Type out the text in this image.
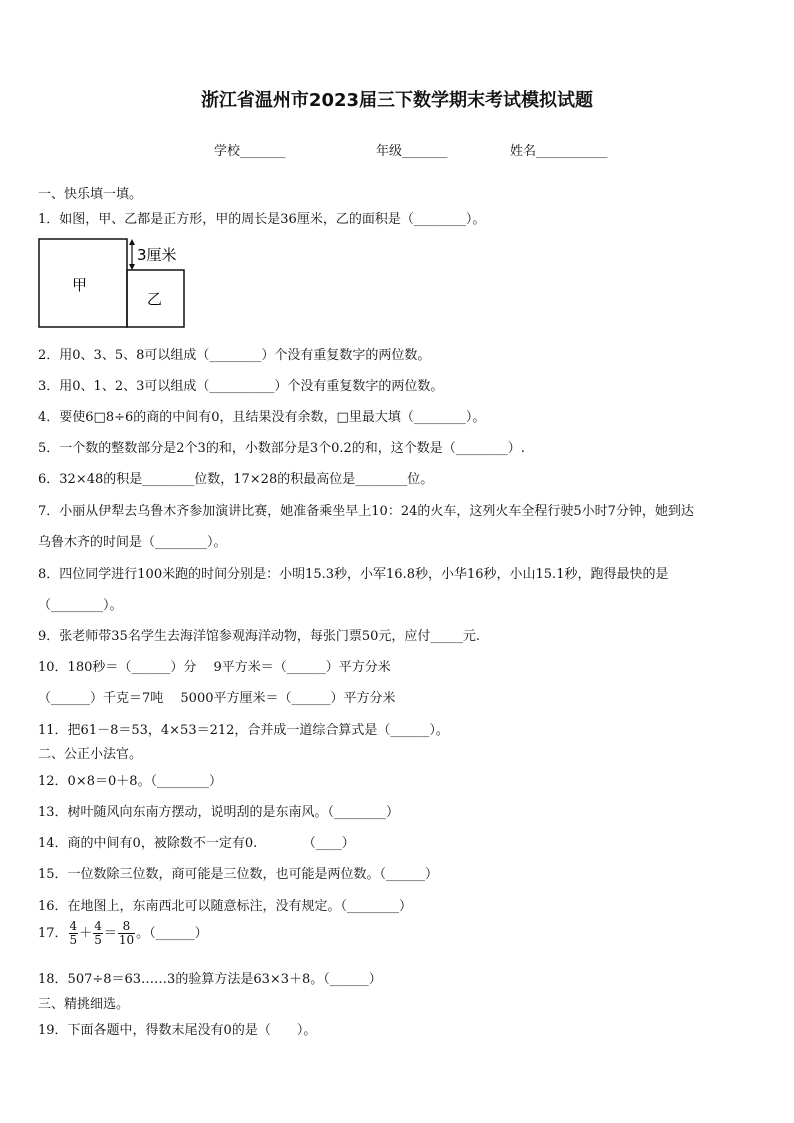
浙江省温州市2023届三下数学期末考试模拟试题
学校_______	年级_______	姓名___________
一、快乐填一填。
1．如图，甲、乙都是正方形，甲的周长是36厘米，乙的面积是（________）。
甲
乙
3厘米
2．用0、3、5、8可以组成（________）个没有重复数字的两位数。
3．用0、1、2、3可以组成（__________）个没有重复数字的两位数。
4．要使6□8÷6的商的中间有0，且结果没有余数，□里最大填（________）。
5．一个数的整数部分是2个3的和，小数部分是3个0.2的和，这个数是（________）.
6．32×48的积是________位数，17×28的积最高位是________位。
7．小丽从伊犁去乌鲁木齐参加演讲比赛，她准备乘坐早上10：24的火车，这列火车全程行驶5小时7分钟，她到达
乌鲁木齐的时间是（________）。
8．四位同学进行100米跑的时间分别是：小明15.3秒，小军16.8秒，小华16秒，小山15.1秒，跑得最快的是
（________）。
9．张老师带35名学生去海洋馆参观海洋动物，每张门票50元，应付_____元.
10．180秒＝（______）分　 9平方米＝（______）平方分米
（______）千克＝7吨　 5000平方厘米＝（______）平方分米
11．把61－8＝53，4×53＝212，合并成一道综合算式是（______）。
二、公正小法官。
12．0×8＝0＋8。（________）
13．树叶随风向东南方摆动，说明刮的是东南风。（________）
14．商的中间有0，被除数不一定有0.　　　　（____）
15．一位数除三位数，商可能是三位数，也可能是两位数。（______）
16．在地图上，东南西北可以随意标注，没有规定。（________）
17． $\frac{4}{5} + \frac{4}{5} = \frac{8}{10}$ 。（______）
18．507÷8＝63……3的验算方法是63×3＋8。（______）
三、精挑细选。
19．下面各题中，得数末尾没有0的是（　　）。
